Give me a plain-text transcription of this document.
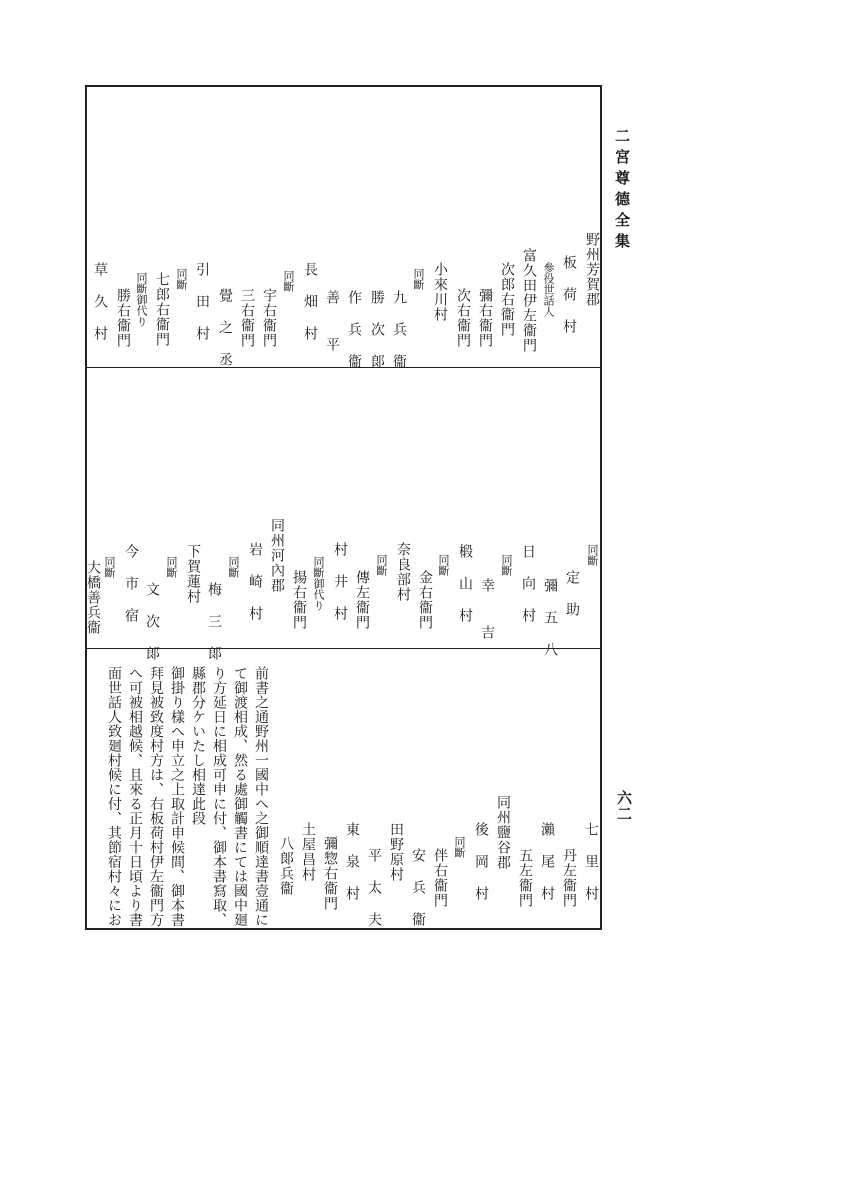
二宮尊德全集
六二
野州芳賀郡
板 荷 村
參役世話人
富久田伊左衞門
次郎右衞門
彌右衞門
次右衞門
小來川村
同斷
九 兵 衞
勝 次 郞
作 兵 衞
善　 平
長 畑 村
同斷
宇右衞門
三右衞門
覺 之 丞
引 田 村
同斷
七郎右衞門
同斷御代り
勝右衞門
草 久 村
同斷
定 助
彌 五 八
日 向 村
同斷
幸　 吉
椴 山 村
同斷
金右衞門
奈良部村
同斷
傳左衞門
村 井 村
同斷御代り
揚右衞門
同州河內郡
岩 崎 村
同斷
梅 三 郞
下賀蓮村
同斷
文 次 郞
今 市 宿
同斷
大橋善兵衞
七 里 村
丹左衞門
瀨 尾 村
五左衞門
同州鹽谷郡
後 岡 村
同斷
伴右衞門
安 兵 衞
田野原村
平 太 夫
東 泉 村
彌惣右衞門
土屋昌村
八郞兵衞
前書之通野州一國中へ之御順達書壹通に
て御渡相成、然る處御觸書にては國中廻
り方延日に相成可申に付、御本書寫取、
縣郡分ケいたし相達此段
御掛り樣へ申立之上取計申候間、御本書
拜見被致度村方は、右板荷村伊左衞門方
へ可被相越候、且來る正月十日頃より書
面世話人致廻村候に付、其節宿村々にお
